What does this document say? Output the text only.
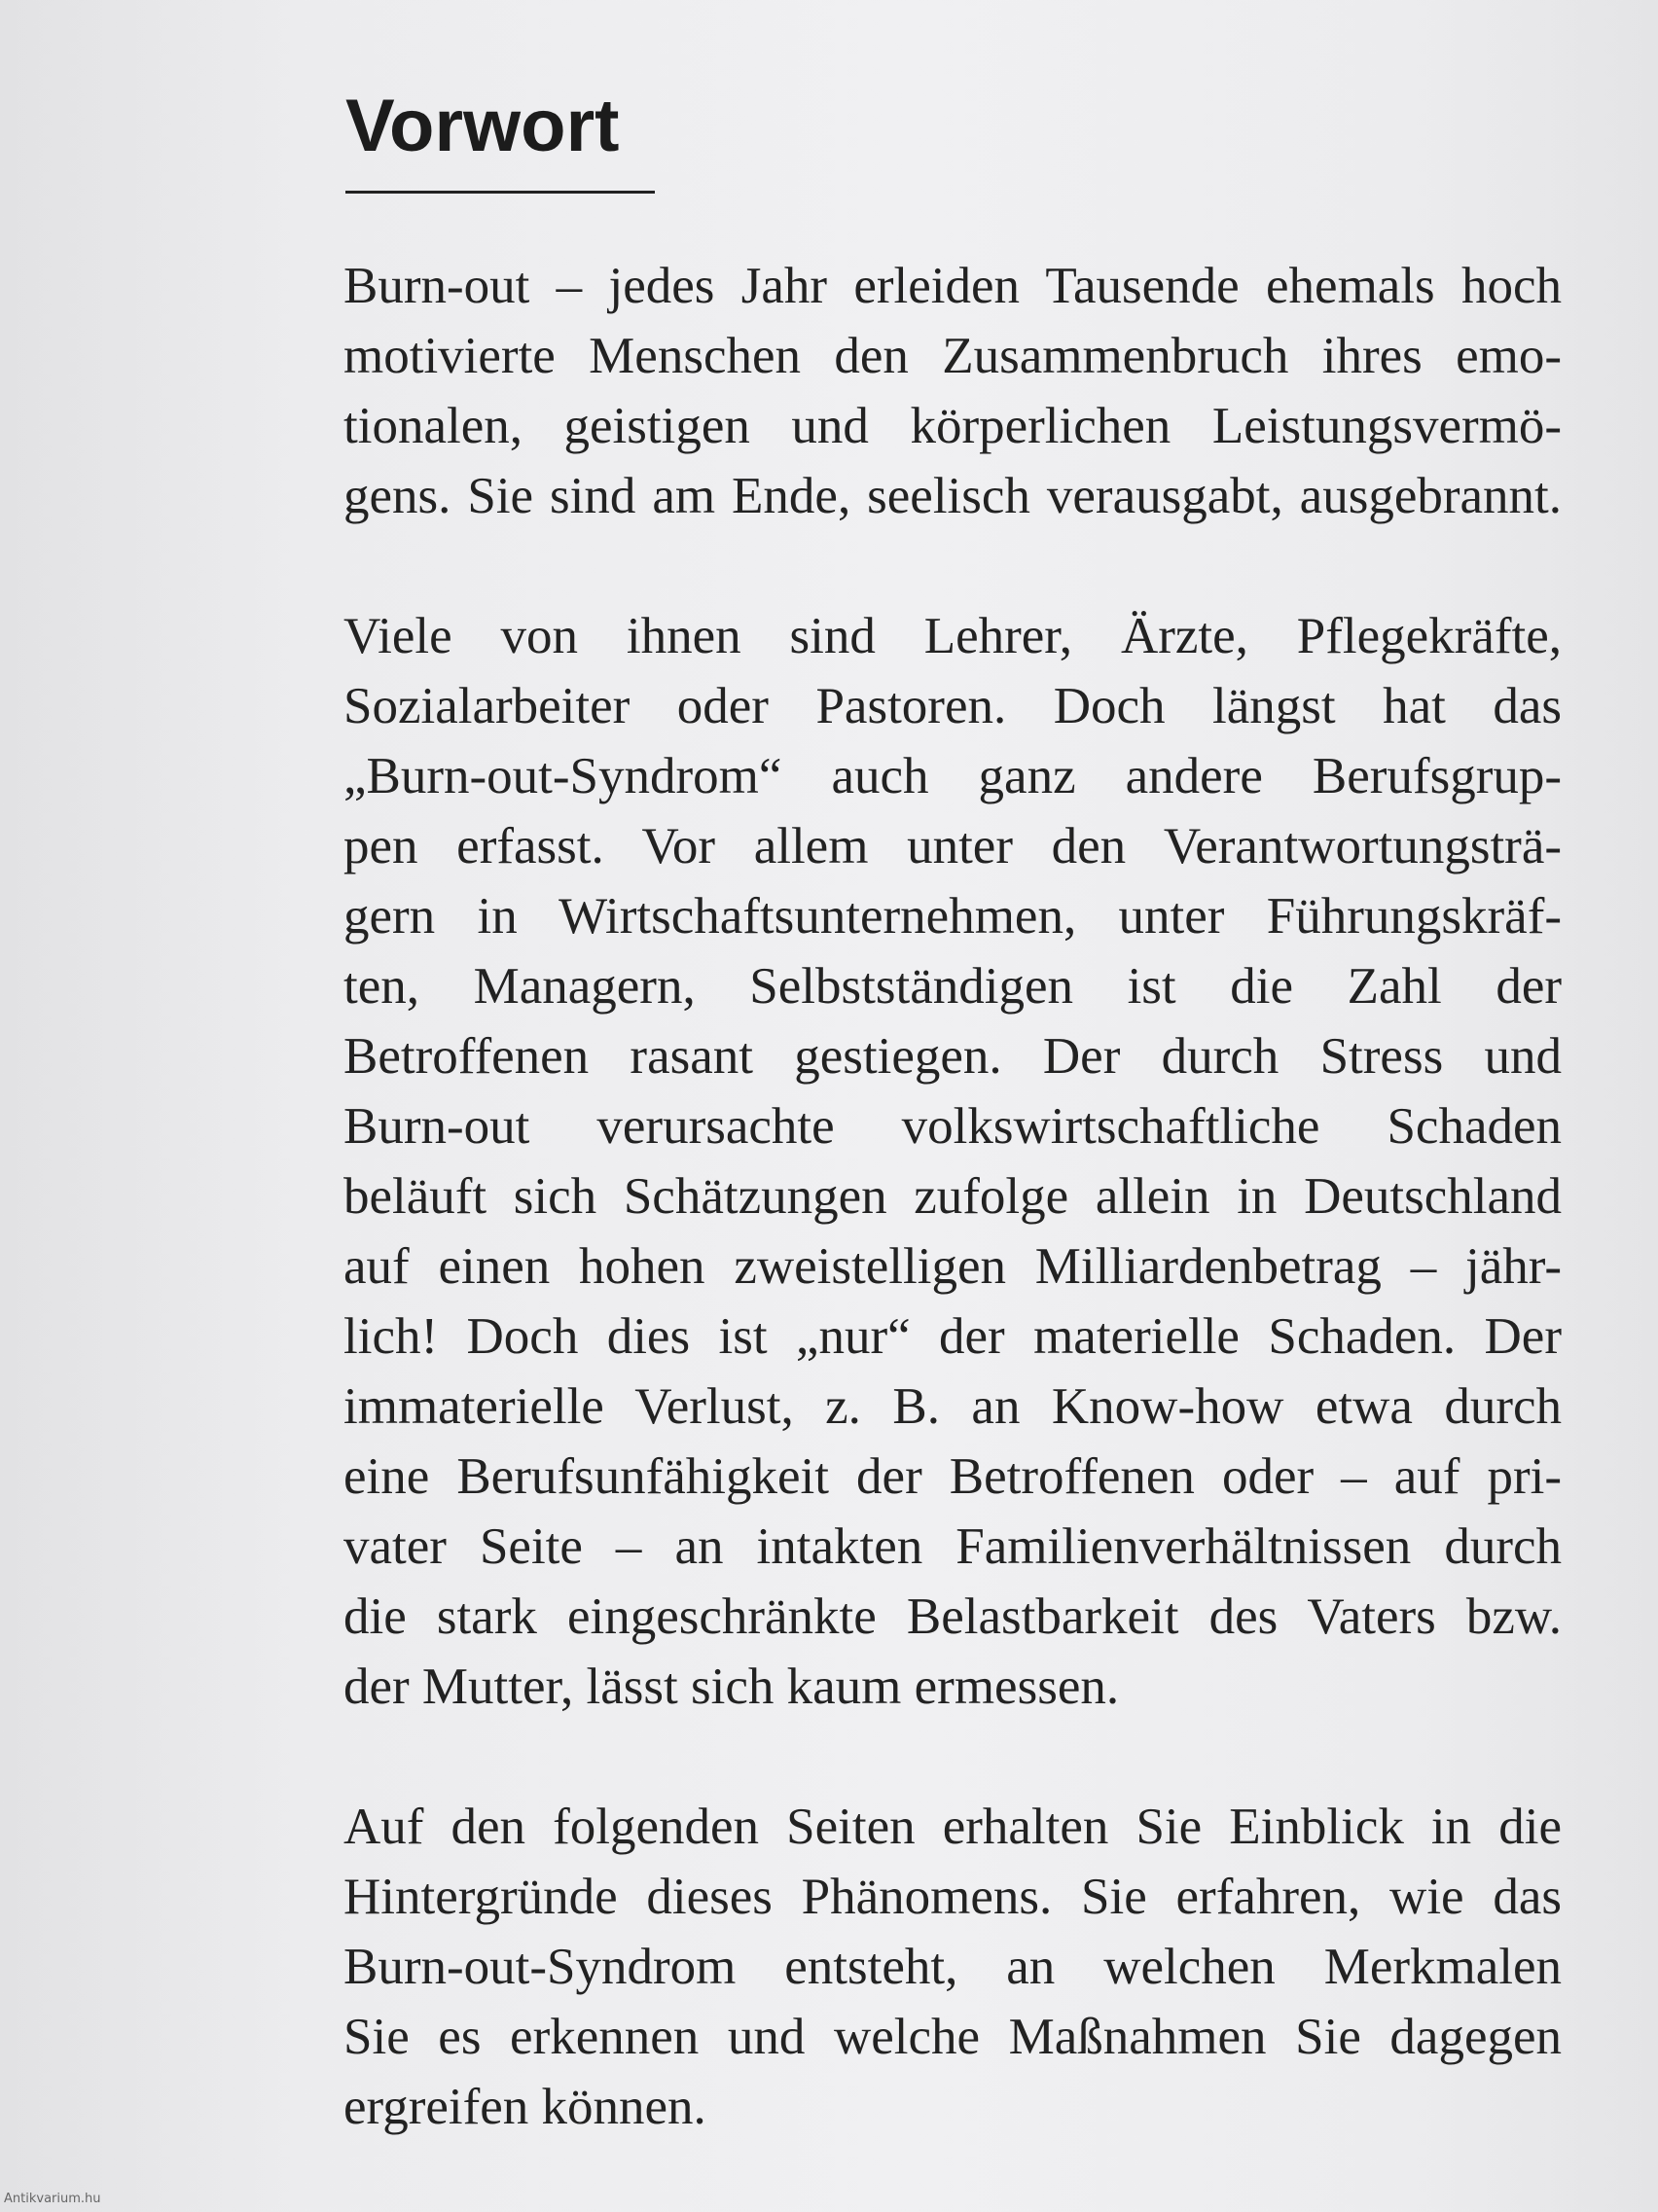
Vorwort

Burn-out – jedes Jahr erleiden Tausende ehemals hoch
motivierte Menschen den Zusammenbruch ihres emo-
tionalen, geistigen und körperlichen Leistungsvermö-
gens. Sie sind am Ende, seelisch verausgabt, ausgebrannt.

Viele von ihnen sind Lehrer, Ärzte, Pflegekräfte,
Sozialarbeiter oder Pastoren. Doch längst hat das
„Burn-out-Syndrom“ auch ganz andere Berufsgrup-
pen erfasst. Vor allem unter den Verantwortungsträ-
gern in Wirtschaftsunternehmen, unter Führungskräf-
ten, Managern, Selbstständigen ist die Zahl der
Betroffenen rasant gestiegen. Der durch Stress und
Burn-out verursachte volkswirtschaftliche Schaden
beläuft sich Schätzungen zufolge allein in Deutschland
auf einen hohen zweistelligen Milliardenbetrag – jähr-
lich! Doch dies ist „nur“ der materielle Schaden. Der
immaterielle Verlust, z. B. an Know-how etwa durch
eine Berufsunfähigkeit der Betroffenen oder – auf pri-
vater Seite – an intakten Familienverhältnissen durch
die stark eingeschränkte Belastbarkeit des Vaters bzw.
der Mutter, lässt sich kaum ermessen.

Auf den folgenden Seiten erhalten Sie Einblick in die
Hintergründe dieses Phänomens. Sie erfahren, wie das
Burn-out-Syndrom entsteht, an welchen Merkmalen
Sie es erkennen und welche Maßnahmen Sie dagegen
ergreifen können.

Antikvarium.hu
